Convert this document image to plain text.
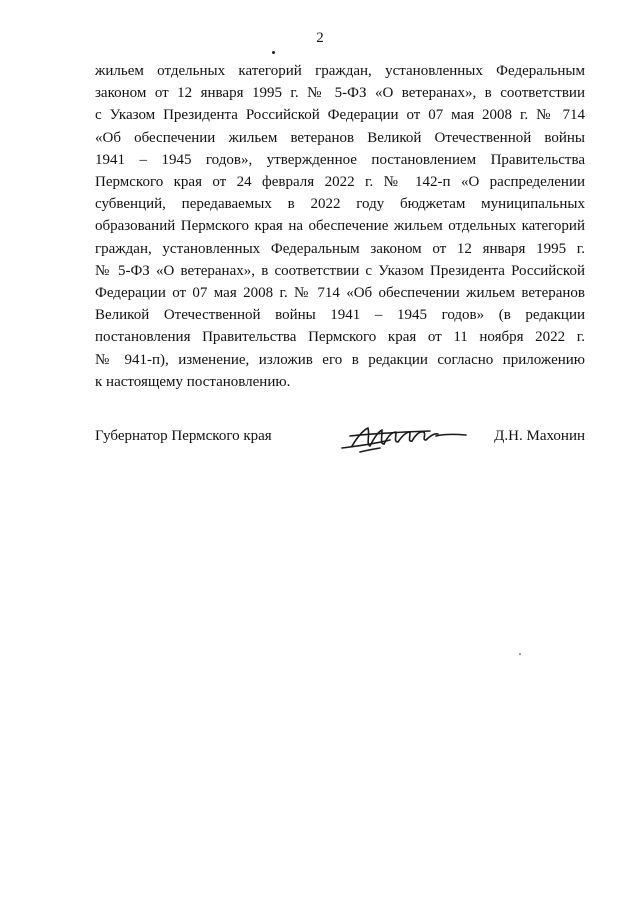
2

жильем отдельных категорий граждан, установленных Федеральным
законом от 12 января 1995 г. № 5-ФЗ «О ветеранах», в соответствии
с Указом Президента Российской Федерации от 07 мая 2008 г. № 714
«Об обеспечении жильем ветеранов Великой Отечественной войны
1941 – 1945 годов», утвержденное постановлением Правительства
Пермского края от 24 февраля 2022 г. № 142-п «О распределении
субвенций, передаваемых в 2022 году бюджетам муниципальных
образований Пермского края на обеспечение жильем отдельных категорий
граждан, установленных Федеральным законом от 12 января 1995 г.
№ 5-ФЗ «О ветеранах», в соответствии с Указом Президента Российской
Федерации от 07 мая 2008 г. № 714 «Об обеспечении жильем ветеранов
Великой Отечественной войны 1941 – 1945 годов» (в редакции
постановления Правительства Пермского края от 11 ноября 2022 г.
№ 941-п), изменение, изложив его в редакции согласно приложению
к настоящему постановлению.

Губернатор Пермского края	Д.Н. Махонин
